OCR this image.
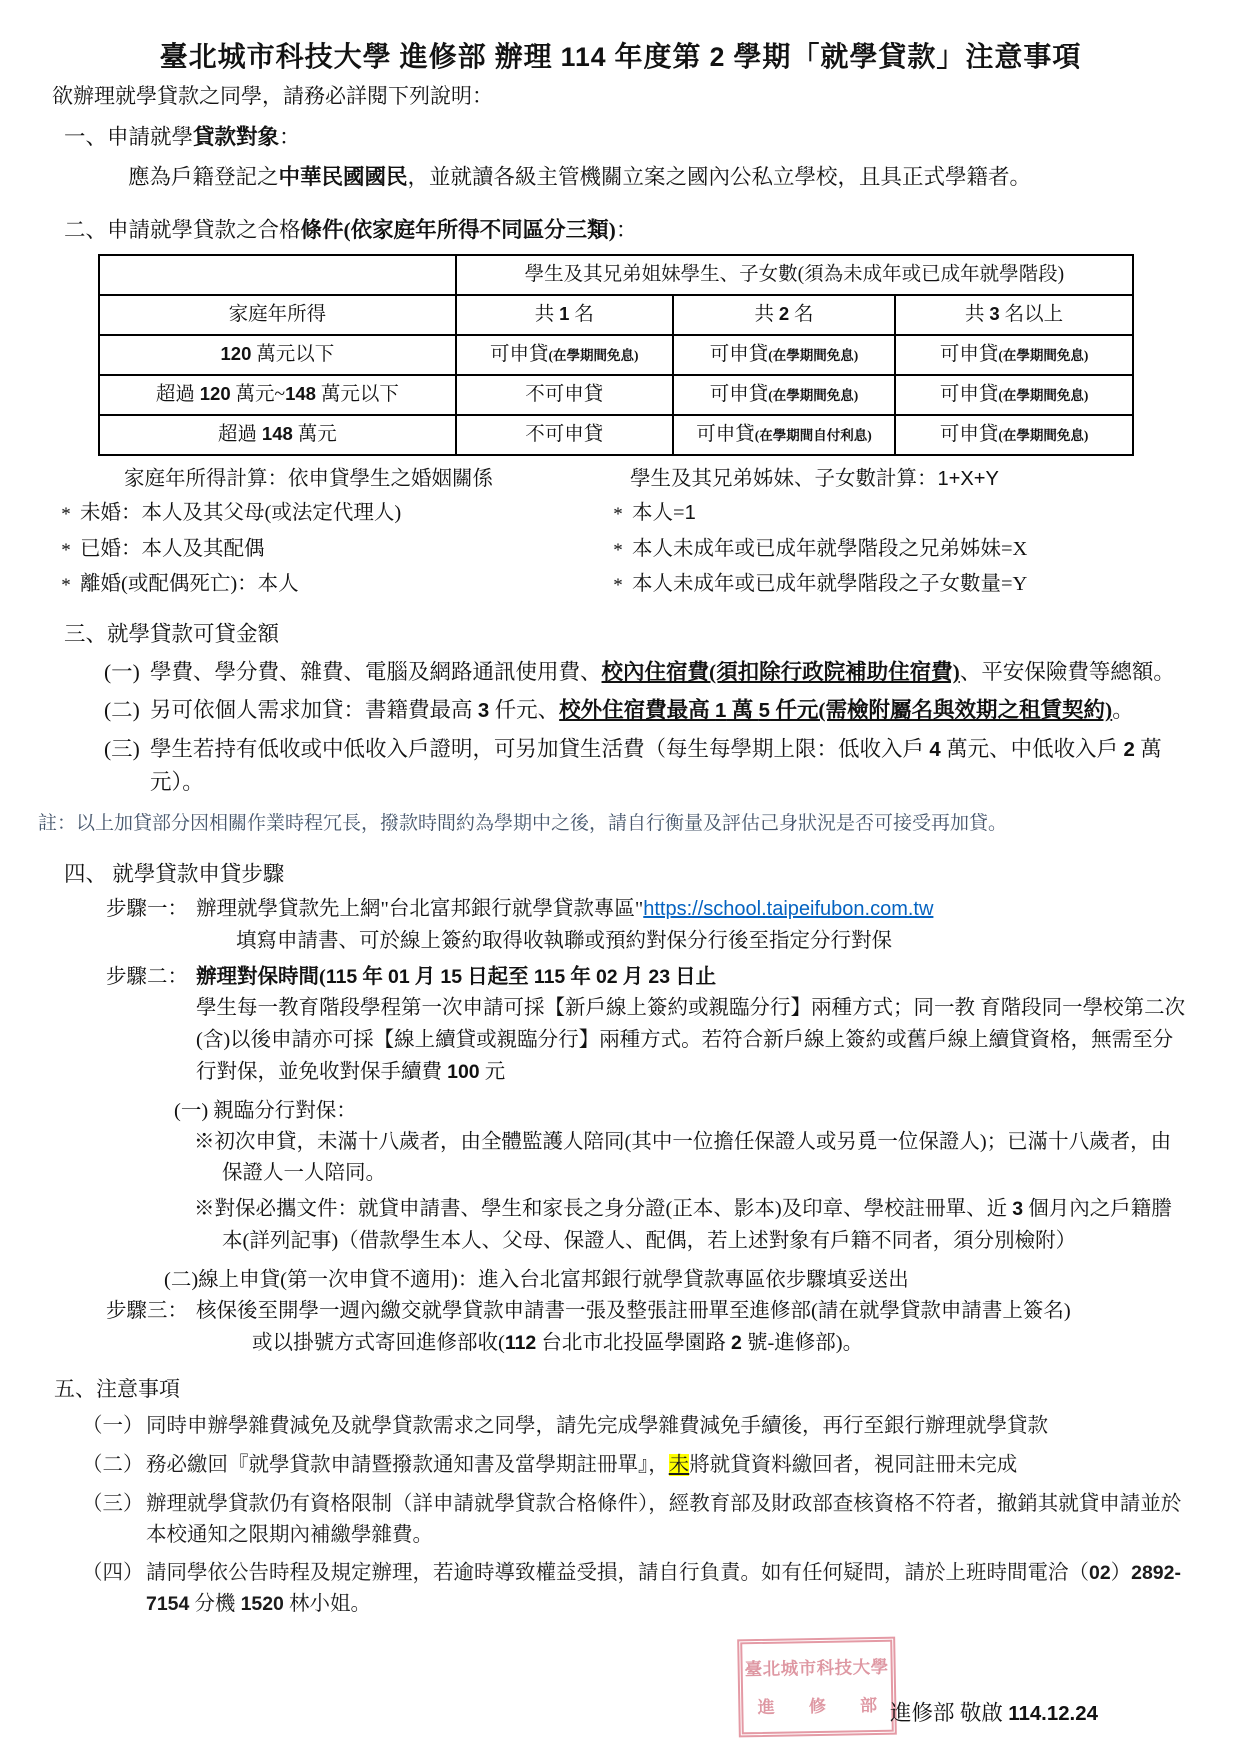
臺北城市科技大學 進修部 辦理 114 年度第 2 學期「就學貸款」注意事項
欲辦理就學貸款之同學，請務必詳閱下列說明：
一、申請就學貸款對象：
應為戶籍登記之中華民國國民，並就讀各級主管機關立案之國內公私立學校，且具正式學籍者。
二、申請就學貸款之合格條件(依家庭年所得不同區分三類)：
	學生及其兄弟姐妹學生、子女數(須為未成年或已成年就學階段)		
家庭年所得	共 1 名	共 2 名	共 3 名以上
120 萬元以下	可申貸(在學期間免息)	可申貸(在學期間免息)	可申貸(在學期間免息)
超過 120 萬元~148 萬元以下	不可申貸	可申貸(在學期間免息)	可申貸(在學期間免息)
超過 148 萬元	不可申貸	可申貸(在學期間自付利息)	可申貸(在學期間免息)
家庭年所得計算：依申貸學生之婚姻關係
* 未婚：本人及其父母(或法定代理人)
* 已婚：本人及其配偶
* 離婚(或配偶死亡)：本人
學生及其兄弟姊妹、子女數計算：1+X+Y
* 本人=1
* 本人未成年或已成年就學階段之兄弟姊妹=X
* 本人未成年或已成年就學階段之子女數量=Y
三、就學貸款可貸金額
(一) 學費、學分費、雜費、電腦及網路通訊使用費、校內住宿費(須扣除行政院補助住宿費)、平安保險費等總額。
(二) 另可依個人需求加貸：書籍費最高 3 仟元、校外住宿費最高 1 萬 5 仟元(需檢附屬名與效期之租賃契約)。
(三) 學生若持有低收或中低收入戶證明，可另加貸生活費（每生每學期上限：低收入戶 4 萬元、中低收入戶 2 萬元）。
註：以上加貸部分因相關作業時程冗長，撥款時間約為學期中之後，請自行衡量及評估己身狀況是否可接受再加貸。
四、 就學貸款申貸步驟
步驟一： 辦理就學貸款先上網"台北富邦銀行就學貸款專區"https://school.taipeifubon.com.tw
填寫申請書、可於線上簽約取得收執聯或預約對保分行後至指定分行對保
步驟二： 辦理對保時間(115 年 01 月 15 日起至 115 年 02 月 23 日止
學生每一教育階段學程第一次申請可採【新戶線上簽約或親臨分行】兩種方式；同一教 育階段同一學校第二次(含)以後申請亦可採【線上續貸或親臨分行】兩種方式。若符合新戶線上簽約或舊戶線上續貸資格，無需至分行對保，並免收對保手續費 100 元
(一) 親臨分行對保：
※初次申貸，未滿十八歲者，由全體監護人陪同(其中一位擔任保證人或另覓一位保證人)；已滿十八歲者，由保證人一人陪同。
※對保必攜文件：就貸申請書、學生和家長之身分證(正本、影本)及印章、學校註冊單、近 3 個月內之戶籍謄本(詳列記事)（借款學生本人、父母、保證人、配偶，若上述對象有戶籍不同者，須分別檢附）
(二)線上申貸(第一次申貸不適用)：進入台北富邦銀行就學貸款專區依步驟填妥送出
步驟三： 核保後至開學一週內繳交就學貸款申請書一張及整張註冊單至進修部(請在就學貸款申請書上簽名)
或以掛號方式寄回進修部收(112 台北市北投區學園路 2 號-進修部)。
五、注意事項
（一） 同時申辦學雜費減免及就學貸款需求之同學，請先完成學雜費減免手續後，再行至銀行辦理就學貸款
（二） 務必繳回『就學貸款申請暨撥款通知書及當學期註冊單』，未將就貸資料繳回者，視同註冊未完成
（三） 辦理就學貸款仍有資格限制（詳申請就學貸款合格條件），經教育部及財政部查核資格不符者，撤銷其就貸申請並於本校通知之限期內補繳學雜費。
（四） 請同學依公告時程及規定辦理，若逾時導致權益受損，請自行負責。如有任何疑問，請於上班時間電洽（02）2892-7154 分機 1520 林小姐。
臺北城市科技大學
進 修 部 進修部 敬啟 114.12.24
